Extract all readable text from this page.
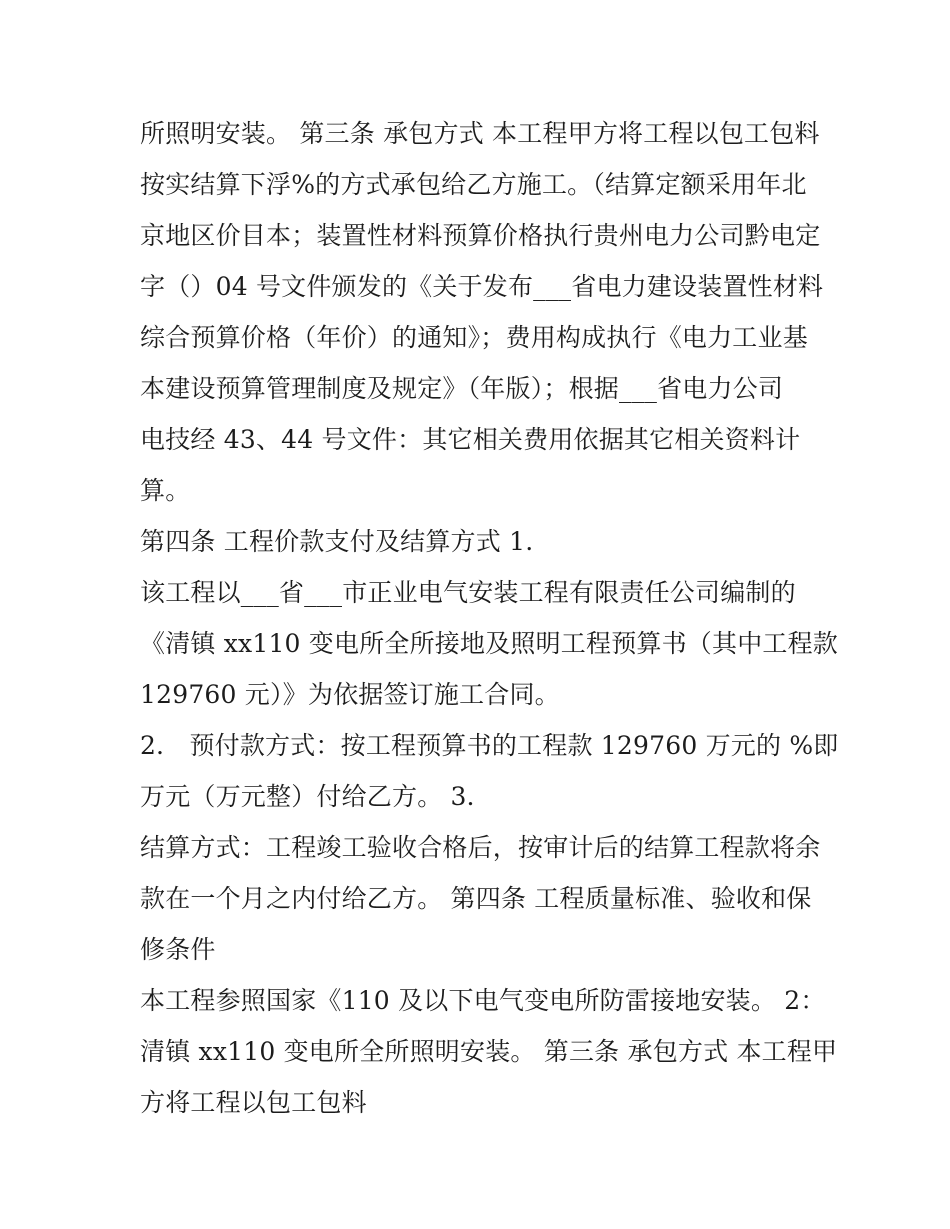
所照明安装。 第三条 承包方式 本工程甲方将工程以包工包料
按实结算下浮%的方式承包给乙方施工。（结算定额采用年北
京地区价目本；装置性材料预算价格执行贵州电力公司黔电定
字（）04 号文件颁发的《关于发布___省电力建设装置性材料
综合预算价格（年价）的通知》；费用构成执行《电力工业基
本建设预算管理制度及规定》（年版）；根据___省电力公司
电技经 43、44 号文件：其它相关费用依据其它相关资料计
算。
第四条 工程价款支付及结算方式 1.
该工程以___省___市正业电气安装工程有限责任公司编制的
《清镇 xx110 变电所全所接地及照明工程预算书（其中工程款
129760 元）》为依据签订施工合同。
2． 预付款方式：按工程预算书的工程款 129760 万元的 %即
万元（万元整）付给乙方。 3．
结算方式：工程竣工验收合格后，按审计后的结算工程款将余
款在一个月之内付给乙方。 第四条 工程质量标准、验收和保
修条件
本工程参照国家《110 及以下电气变电所防雷接地安装。 2：
清镇 xx110 变电所全所照明安装。 第三条 承包方式 本工程甲
方将工程以包工包料
